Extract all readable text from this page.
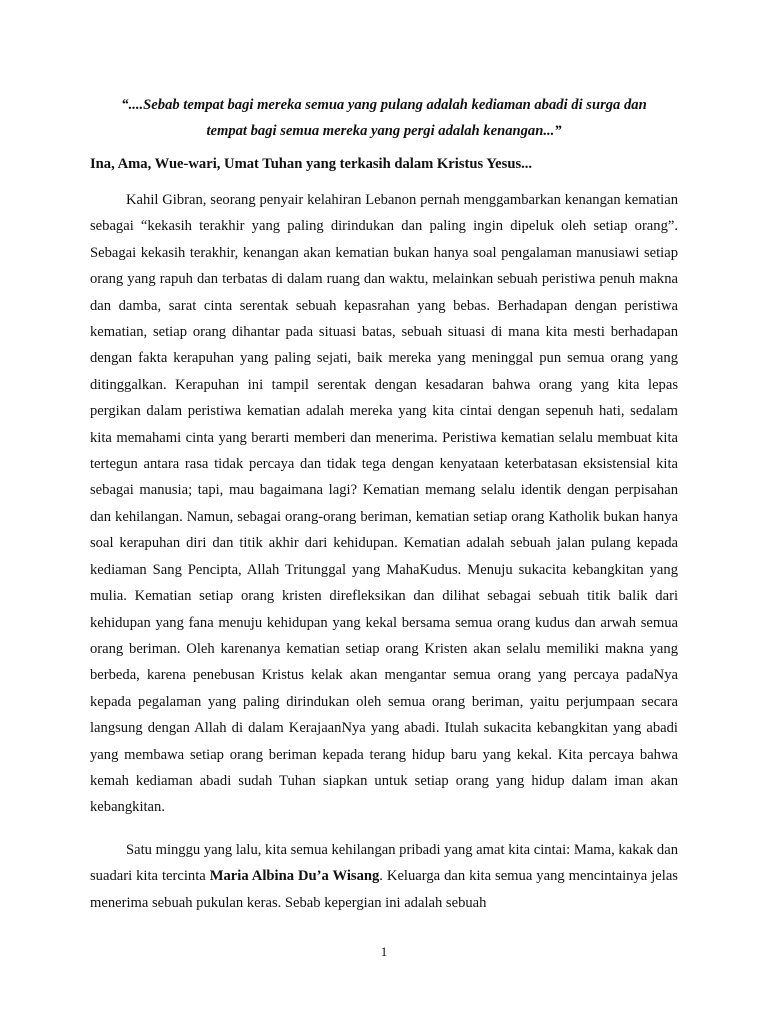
“....Sebab tempat bagi mereka semua yang pulang adalah kediaman abadi di surga dan
tempat bagi semua mereka yang pergi adalah kenangan...”

Ina, Ama, Wue-wari, Umat Tuhan yang terkasih dalam Kristus Yesus...

Kahil Gibran, seorang penyair kelahiran Lebanon pernah menggambarkan kenangan kematian sebagai “kekasih terakhir yang paling dirindukan dan paling ingin dipeluk oleh setiap orang”. Sebagai kekasih terakhir, kenangan akan kematian bukan hanya soal pengalaman manusiawi setiap orang yang rapuh dan terbatas di dalam ruang dan waktu, melainkan sebuah peristiwa penuh makna dan damba, sarat cinta serentak sebuah kepasrahan yang bebas. Berhadapan dengan peristiwa kematian, setiap orang dihantar pada situasi batas, sebuah situasi di mana kita mesti berhadapan dengan fakta kerapuhan yang paling sejati, baik mereka yang meninggal pun semua orang yang ditinggalkan. Kerapuhan ini tampil serentak dengan kesadaran bahwa orang yang kita lepas pergikan dalam peristiwa kematian adalah mereka yang kita cintai dengan sepenuh hati, sedalam kita memahami cinta yang berarti memberi dan menerima. Peristiwa kematian selalu membuat kita tertegun antara rasa tidak percaya dan tidak tega dengan kenyataan keterbatasan eksistensial kita sebagai manusia; tapi, mau bagaimana lagi? Kematian memang selalu identik dengan perpisahan dan kehilangan. Namun, sebagai orang-orang beriman, kematian setiap orang Katholik bukan hanya soal kerapuhan diri dan titik akhir dari kehidupan. Kematian adalah sebuah jalan pulang kepada kediaman Sang Pencipta, Allah Tritunggal yang MahaKudus. Menuju sukacita kebangkitan yang mulia. Kematian setiap orang kristen direfleksikan dan dilihat sebagai sebuah titik balik dari kehidupan yang fana menuju kehidupan yang kekal bersama semua orang kudus dan arwah semua orang beriman. Oleh karenanya kematian setiap orang Kristen akan selalu memiliki makna yang berbeda, karena penebusan Kristus kelak akan mengantar semua orang yang percaya padaNya kepada pegalaman yang paling dirindukan oleh semua orang beriman, yaitu perjumpaan secara langsung dengan Allah di dalam KerajaanNya yang abadi. Itulah sukacita kebangkitan yang abadi yang membawa setiap orang beriman kepada terang hidup baru yang kekal. Kita percaya bahwa kemah kediaman abadi sudah Tuhan siapkan untuk setiap orang yang hidup dalam iman akan kebangkitan.

Satu minggu yang lalu, kita semua kehilangan pribadi yang amat kita cintai: Mama, kakak dan suadari kita tercinta Maria Albina Du’a Wisang. Keluarga dan kita semua yang mencintainya jelas menerima sebuah pukulan keras. Sebab kepergian ini adalah sebuah

1
